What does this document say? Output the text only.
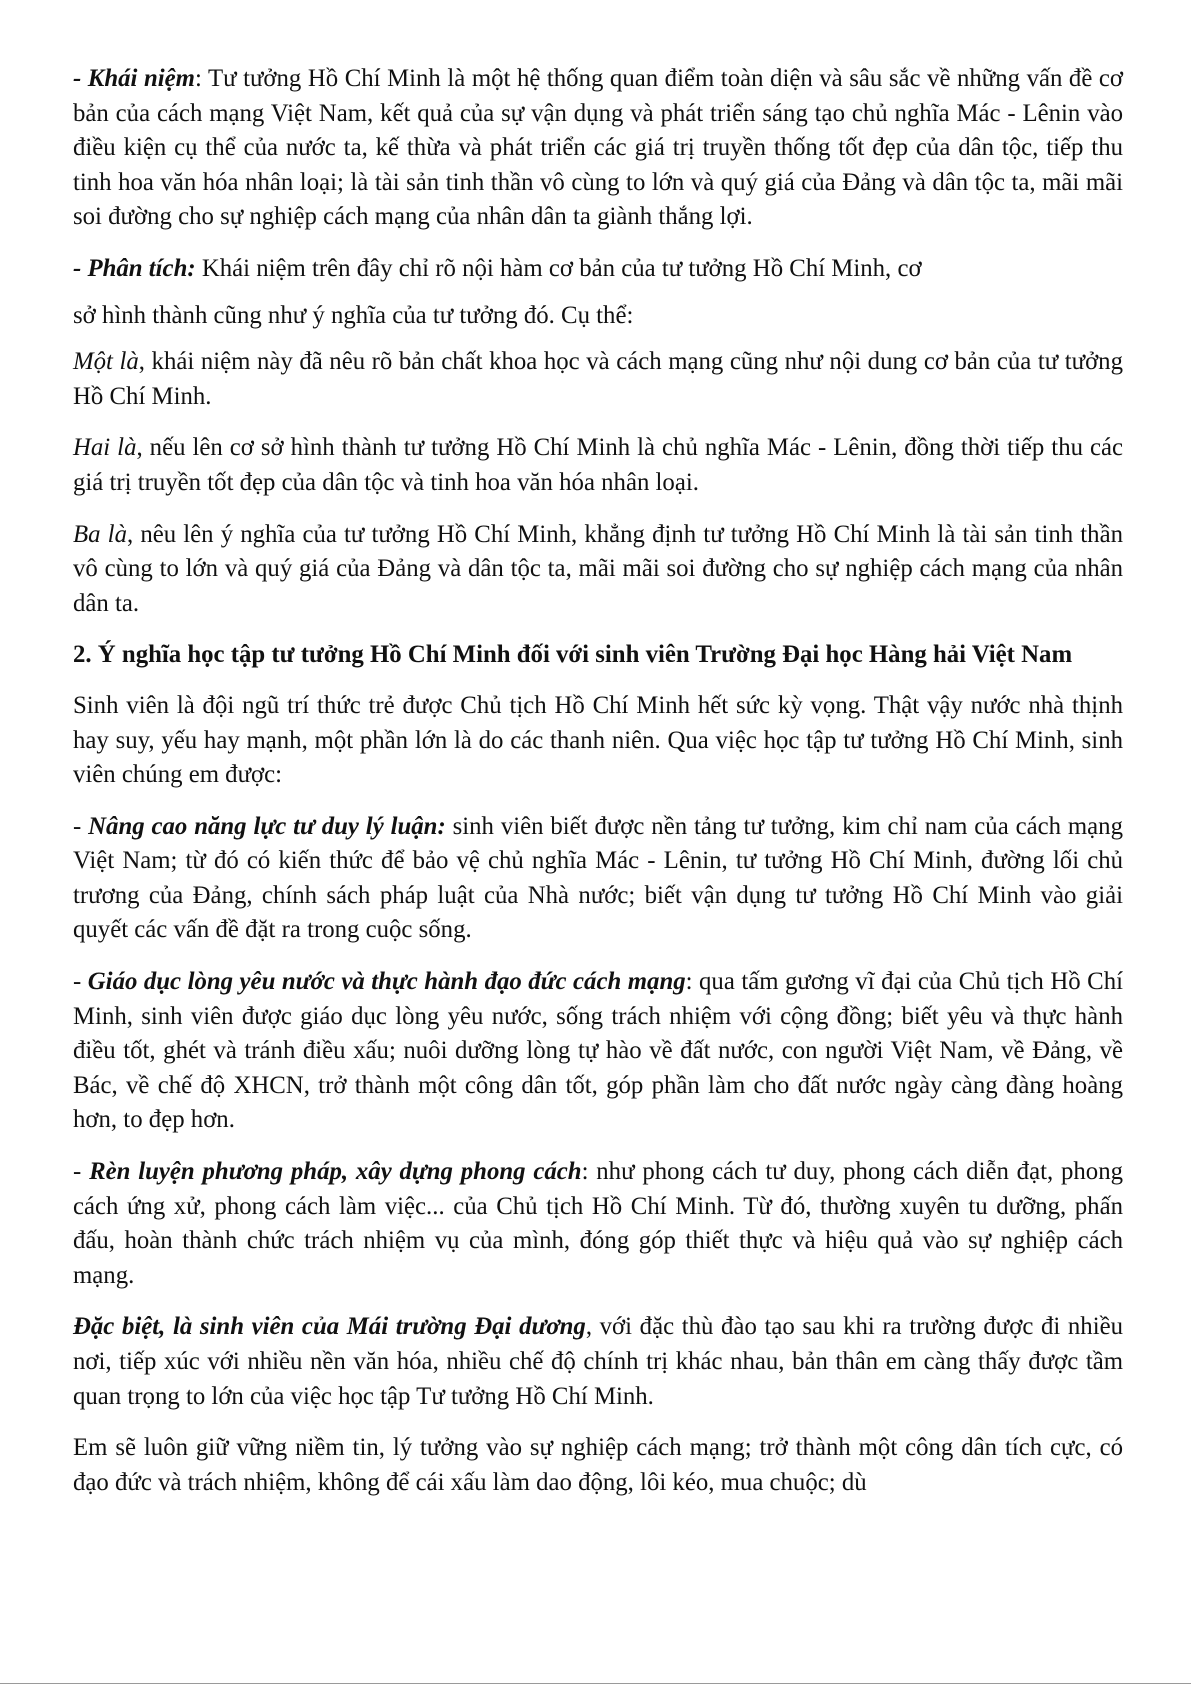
- Khái niệm: Tư tưởng Hồ Chí Minh là một hệ thống quan điểm toàn diện và sâu sắc về những vấn đề cơ bản của cách mạng Việt Nam, kết quả của sự vận dụng và phát triển sáng tạo chủ nghĩa Mác - Lênin vào điều kiện cụ thể của nước ta, kế thừa và phát triển các giá trị truyền thống tốt đẹp của dân tộc, tiếp thu tinh hoa văn hóa nhân loại; là tài sản tinh thần vô cùng to lớn và quý giá của Đảng và dân tộc ta, mãi mãi soi đường cho sự nghiệp cách mạng của nhân dân ta giành thắng lợi.

- Phân tích: Khái niệm trên đây chỉ rõ nội hàm cơ bản của tư tưởng Hồ Chí Minh, cơ

sở hình thành cũng như ý nghĩa của tư tưởng đó. Cụ thể:

Một là, khái niệm này đã nêu rõ bản chất khoa học và cách mạng cũng như nội dung cơ bản của tư tưởng Hồ Chí Minh.

Hai là, nếu lên cơ sở hình thành tư tưởng Hồ Chí Minh là chủ nghĩa Mác - Lênin, đồng thời tiếp thu các giá trị truyền tốt đẹp của dân tộc và tinh hoa văn hóa nhân loại.

Ba là, nêu lên ý nghĩa của tư tưởng Hồ Chí Minh, khẳng định tư tưởng Hồ Chí Minh là tài sản tinh thần vô cùng to lớn và quý giá của Đảng và dân tộc ta, mãi mãi soi đường cho sự nghiệp cách mạng của nhân dân ta.

2. Ý nghĩa học tập tư tưởng Hồ Chí Minh đối với sinh viên Trường Đại học Hàng hải Việt Nam

Sinh viên là đội ngũ trí thức trẻ được Chủ tịch Hồ Chí Minh hết sức kỳ vọng. Thật vậy nước nhà thịnh hay suy, yếu hay mạnh, một phần lớn là do các thanh niên. Qua việc học tập tư tưởng Hồ Chí Minh, sinh viên chúng em được:

- Nâng cao năng lực tư duy lý luận: sinh viên biết được nền tảng tư tưởng, kim chỉ nam của cách mạng Việt Nam; từ đó có kiến thức để bảo vệ chủ nghĩa Mác - Lênin, tư tưởng Hồ Chí Minh, đường lối chủ trương của Đảng, chính sách pháp luật của Nhà nước; biết vận dụng tư tưởng Hồ Chí Minh vào giải quyết các vấn đề đặt ra trong cuộc sống.

- Giáo dục lòng yêu nước và thực hành đạo đức cách mạng: qua tấm gương vĩ đại của Chủ tịch Hồ Chí Minh, sinh viên được giáo dục lòng yêu nước, sống trách nhiệm với cộng đồng; biết yêu và thực hành điều tốt, ghét và tránh điều xấu; nuôi dưỡng lòng tự hào về đất nước, con người Việt Nam, về Đảng, về Bác, về chế độ XHCN, trở thành một công dân tốt, góp phần làm cho đất nước ngày càng đàng hoàng hơn, to đẹp hơn.

- Rèn luyện phương pháp, xây dựng phong cách: như phong cách tư duy, phong cách diễn đạt, phong cách ứng xử, phong cách làm việc... của Chủ tịch Hồ Chí Minh. Từ đó, thường xuyên tu dưỡng, phấn đấu, hoàn thành chức trách nhiệm vụ của mình, đóng góp thiết thực và hiệu quả vào sự nghiệp cách mạng.

Đặc biệt, là sinh viên của Mái trường Đại dương, với đặc thù đào tạo sau khi ra trường được đi nhiều nơi, tiếp xúc với nhiều nền văn hóa, nhiều chế độ chính trị khác nhau, bản thân em càng thấy được tầm quan trọng to lớn của việc học tập Tư tưởng Hồ Chí Minh.

Em sẽ luôn giữ vững niềm tin, lý tưởng vào sự nghiệp cách mạng; trở thành một công dân tích cực, có đạo đức và trách nhiệm, không để cái xấu làm dao động, lôi kéo, mua chuộc; dù
